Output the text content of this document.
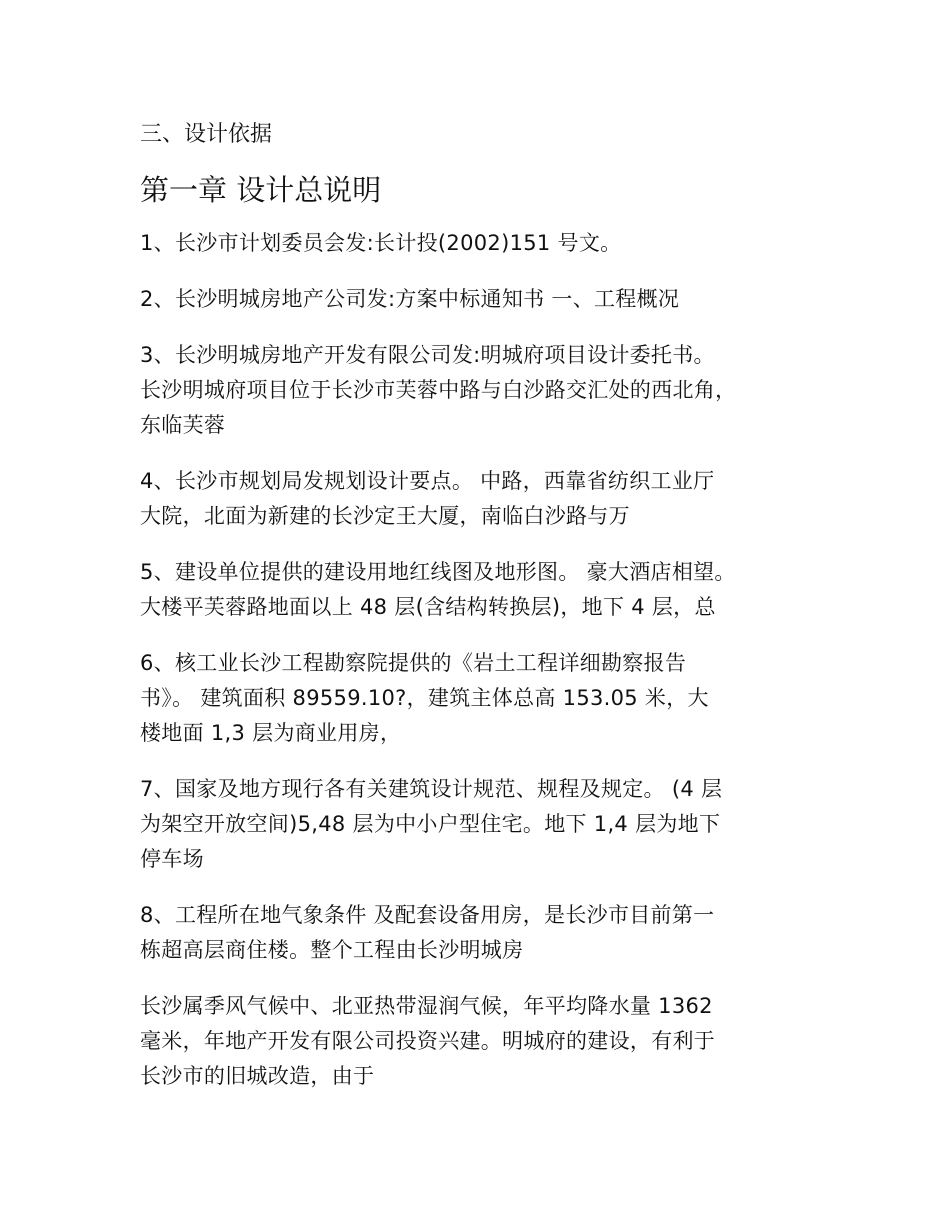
三、设计依据
第一章 设计总说明
1、长沙市计划委员会发:长计投(2002)151 号文。
2、长沙明城房地产公司发:方案中标通知书 一、工程概况
3、长沙明城房地产开发有限公司发:明城府项目设计委托书。
长沙明城府项目位于长沙市芙蓉中路与白沙路交汇处的西北角，
东临芙蓉
4、长沙市规划局发规划设计要点。 中路，西靠省纺织工业厅
大院，北面为新建的长沙定王大厦，南临白沙路与万
5、建设单位提供的建设用地红线图及地形图。 豪大酒店相望。
大楼平芙蓉路地面以上 48 层(含结构转换层)，地下 4 层，总
6、核工业长沙工程勘察院提供的《岩土工程详细勘察报告
书》。 建筑面积 89559.10?，建筑主体总高 153.05 米，大
楼地面 1,3 层为商业用房，
7、国家及地方现行各有关建筑设计规范、规程及规定。 (4 层
为架空开放空间)5,48 层为中小户型住宅。地下 1,4 层为地下
停车场
8、工程所在地气象条件 及配套设备用房，是长沙市目前第一
栋超高层商住楼。整个工程由长沙明城房
长沙属季风气候中、北亚热带湿润气候，年平均降水量 1362
毫米，年地产开发有限公司投资兴建。明城府的建设，有利于
长沙市的旧城改造，由于
